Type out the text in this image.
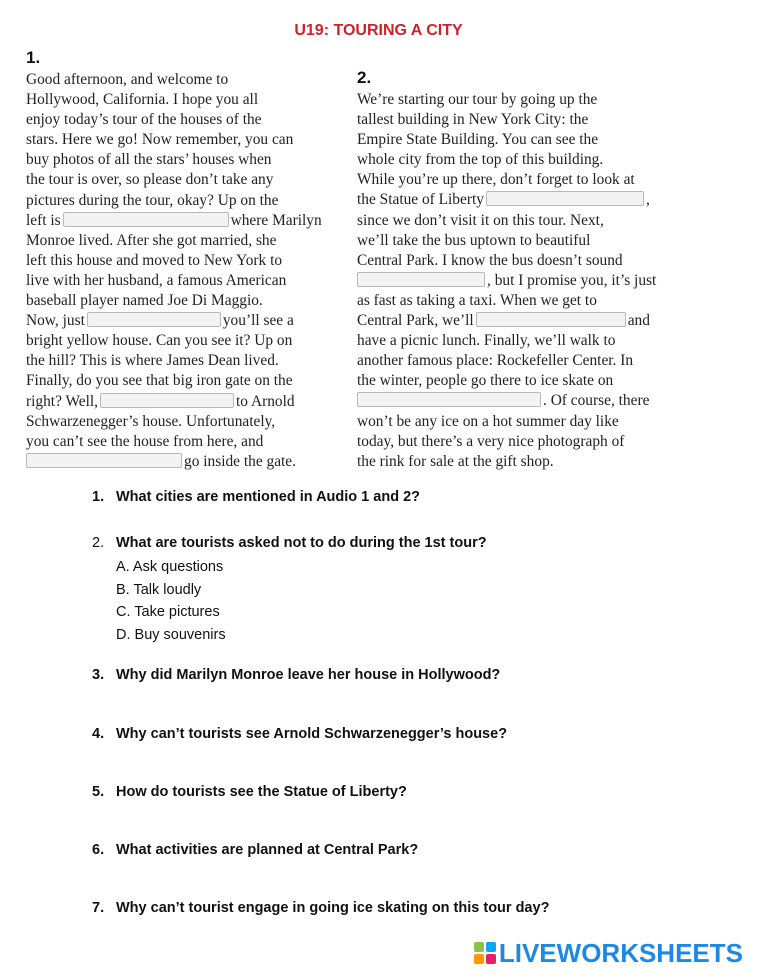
U19: TOURING A CITY
1.
Good afternoon, and welcome to
Hollywood, California. I hope you all
enjoy today’s tour of the houses of the
stars. Here we go! Now remember, you can
buy photos of all the stars’ houses when
the tour is over, so please don’t take any
pictures during the tour, okay? Up on the
left is	where Marilyn
Monroe lived. After she got married, she
left this house and moved to New York to
live with her husband, a famous American
baseball player named Joe Di Maggio.
Now, just	you’ll see a
bright yellow house. Can you see it? Up on
the hill? This is where James Dean lived.
Finally, do you see that big iron gate on the
right? Well,	to Arnold
Schwarzenegger’s house. Unfortunately,
you can’t see the house from here, and
go inside the gate.
2.
We’re starting our tour by going up the
tallest building in New York City: the
Empire State Building. You can see the
whole city from the top of this building.
While you’re up there, don’t forget to look at
the Statue of Liberty	,
since we don’t visit it on this tour. Next,
we’ll take the bus uptown to beautiful
Central Park. I know the bus doesn’t sound
, but I promise you, it’s just
as fast as taking a taxi. When we get to
Central Park, we’ll	and
have a picnic lunch. Finally, we’ll walk to
another famous place: Rockefeller Center. In
the winter, people go there to ice skate on
. Of course, there
won’t be any ice on a hot summer day like
today, but there’s a very nice photograph of
the rink for sale at the gift shop.
1. What cities are mentioned in Audio 1 and 2?
2. What are tourists asked not to do during the 1st tour?
A. Ask questions
B. Talk loudly
C. Take pictures
D. Buy souvenirs
3. Why did Marilyn Monroe leave her house in Hollywood?
4. Why can’t tourists see Arnold Schwarzenegger’s house?
5. How do tourists see the Statue of Liberty?
6. What activities are planned at Central Park?
7. Why can’t tourist engage in going ice skating on this tour day?
LIVEWORKSHEETS
